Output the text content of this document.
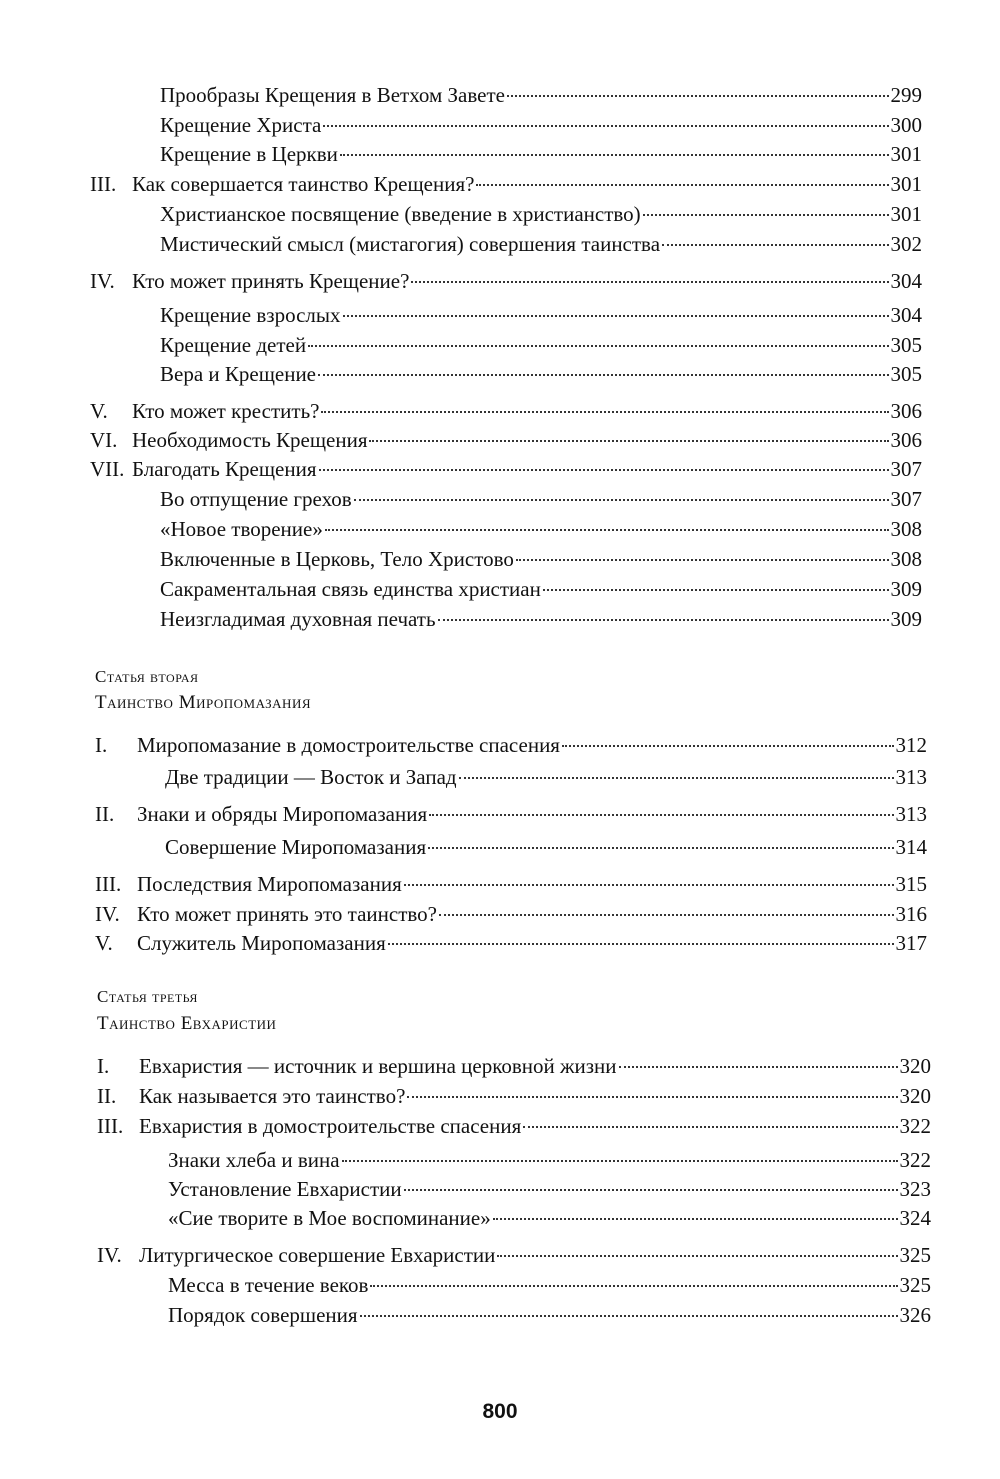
Прообразы Крещения в Ветхом Завете	299
Крещение Христа	300
Крещение в Церкви	301
III. Как совершается таинство Крещения?	301
Христианское посвящение (введение в христианство)	301
Мистический смысл (мистагогия) совершения таинства	302
IV. Кто может принять Крещение?	304
Крещение взрослых	304
Крещение детей	305
Вера и Крещение	305
V.	Кто может крестить?	306
VI. Необходимость Крещения	306
VII. Благодать Крещения	307
Во отпущение грехов	307
«Новое творение»	308
Включенные в Церковь, Тело Христово	308
Сакраментальная связь единства христиан	309
Неизгладимая духовная печать	309
Статья вторая
Таинство Миропомазания
I.	Миропомазание в домостроительстве спасения	312
Две традиции — Восток и Запад	313
II.	Знаки и обряды Миропомазания	313
Совершение Миропомазания	314
III. Последствия Миропомазания	315
IV. Кто может принять это таинство?	316
V.	Служитель Миропомазания	317
Статья третья
Таинство Евхаристии
I.	Евхаристия — источник и вершина церковной жизни	320
II.	Как называется это таинство?	320
III. Евхаристия в домостроительстве спасения	322
Знаки хлеба и вина	322
Установление Евхаристии	323
«Сие творите в Мое воспоминание»	324
IV. Литургическое совершение Евхаристии	325
Месса в течение веков	325
Порядок совершения	326
800
